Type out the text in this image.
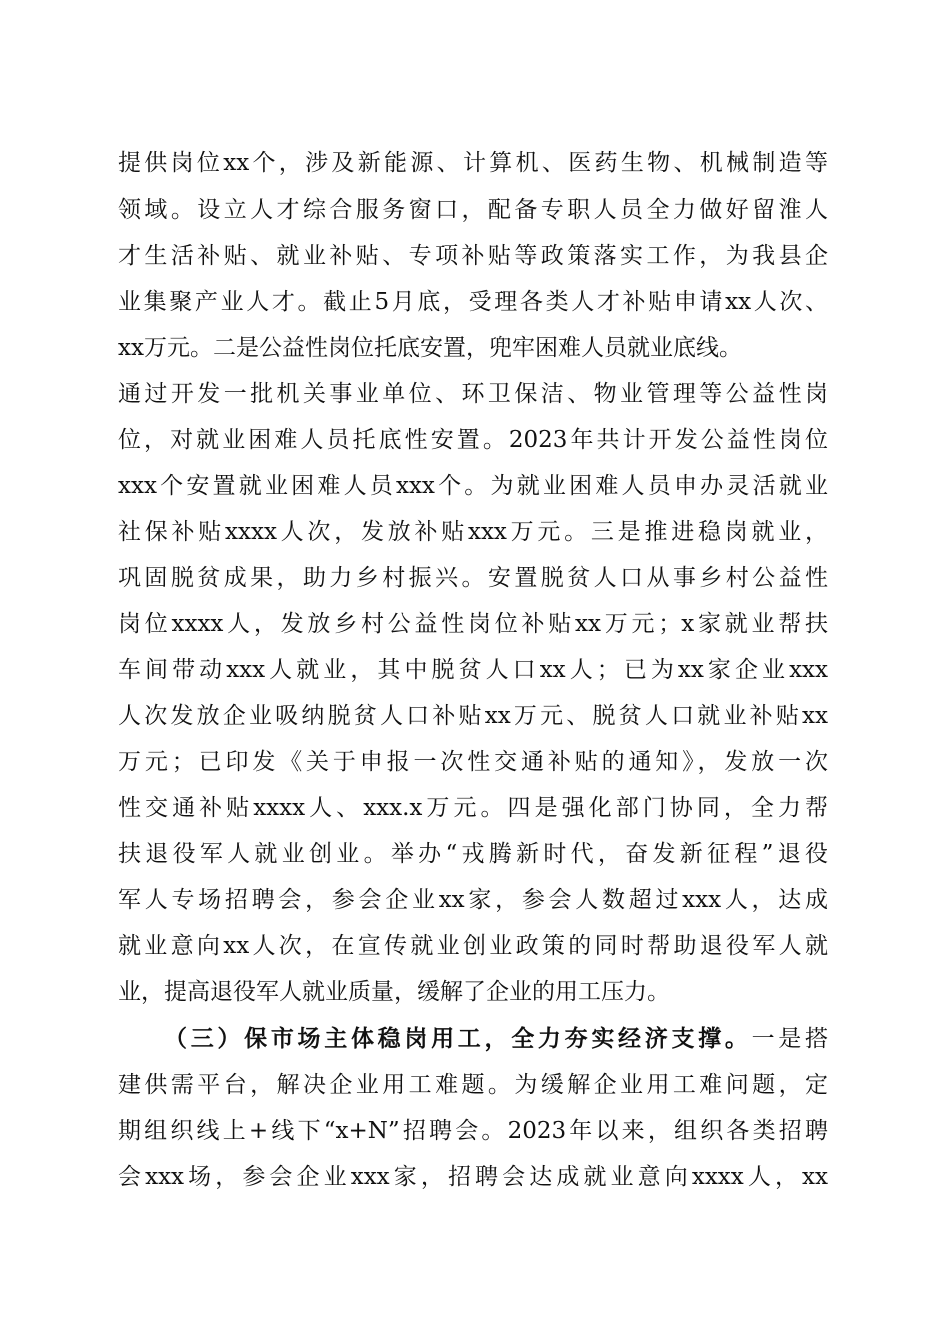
提供岗位xx个，涉及新能源、计算机、医药生物、机械制造等

领域。设立人才综合服务窗口，配备专职人员全力做好留淮人

才生活补贴、就业补贴、专项补贴等政策落实工作，为我县企

业集聚产业人才。截止5月底，受理各类人才补贴申请xx人次、

xx万元。二是公益性岗位托底安置，兜牢困难人员就业底线。

通过开发一批机关事业单位、环卫保洁、物业管理等公益性岗

位，对就业困难人员托底性安置。2023年共计开发公益性岗位

xxx个安置就业困难人员xxx个。为就业困难人员申办灵活就业

社保补贴xxxx人次，发放补贴xxx万元。三是推进稳岗就业，

巩固脱贫成果，助力乡村振兴。安置脱贫人口从事乡村公益性

岗位xxxx人，发放乡村公益性岗位补贴xx万元；x家就业帮扶

车间带动xxx人就业，其中脱贫人口xx人；已为xx家企业xxx

人次发放企业吸纳脱贫人口补贴xx万元、脱贫人口就业补贴xx

万元；已印发《关于申报一次性交通补贴的通知》，发放一次

性交通补贴xxxx人、xxx.x万元。四是强化部门协同，全力帮

扶退役军人就业创业。举办“戎腾新时代，奋发新征程”退役

军人专场招聘会，参会企业xx家，参会人数超过xxx人，达成

就业意向xx人次，在宣传就业创业政策的同时帮助退役军人就

业，提高退役军人就业质量，缓解了企业的用工压力。

（三）保市场主体稳岗用工，全力夯实经济支撑。一是搭

建供需平台，解决企业用工难题。为缓解企业用工难问题，定

期组织线上+线下“x+N”招聘会。2023年以来，组织各类招聘

会xxx场，参会企业xxx家，招聘会达成就业意向xxxx人，xx
